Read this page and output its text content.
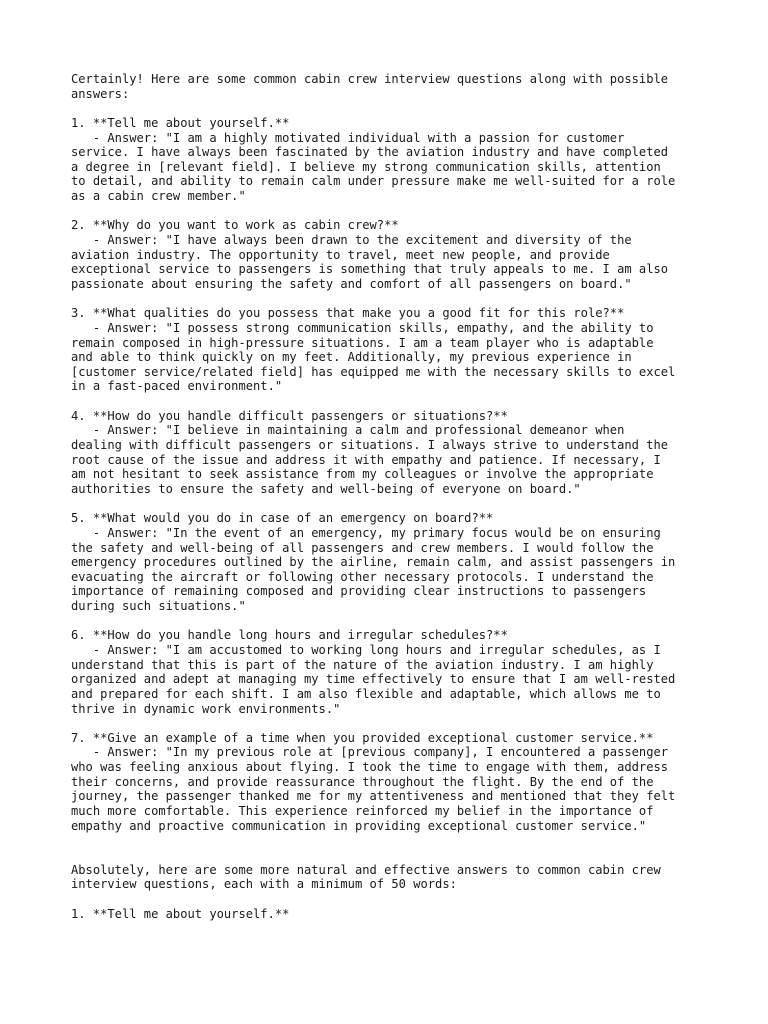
Certainly! Here are some common cabin crew interview questions along with possible
answers:
1. **Tell me about yourself.**
- Answer: "I am a highly motivated individual with a passion for customer
service. I have always been fascinated by the aviation industry and have completed
a degree in [relevant field]. I believe my strong communication skills, attention
to detail, and ability to remain calm under pressure make me well-suited for a role
as a cabin crew member."
2. **Why do you want to work as cabin crew?**
- Answer: "I have always been drawn to the excitement and diversity of the
aviation industry. The opportunity to travel, meet new people, and provide
exceptional service to passengers is something that truly appeals to me. I am also
passionate about ensuring the safety and comfort of all passengers on board."
3. **What qualities do you possess that make you a good fit for this role?**
- Answer: "I possess strong communication skills, empathy, and the ability to
remain composed in high-pressure situations. I am a team player who is adaptable
and able to think quickly on my feet. Additionally, my previous experience in
[customer service/related field] has equipped me with the necessary skills to excel
in a fast-paced environment."
4. **How do you handle difficult passengers or situations?**
- Answer: "I believe in maintaining a calm and professional demeanor when
dealing with difficult passengers or situations. I always strive to understand the
root cause of the issue and address it with empathy and patience. If necessary, I
am not hesitant to seek assistance from my colleagues or involve the appropriate
authorities to ensure the safety and well-being of everyone on board."
5. **What would you do in case of an emergency on board?**
- Answer: "In the event of an emergency, my primary focus would be on ensuring
the safety and well-being of all passengers and crew members. I would follow the
emergency procedures outlined by the airline, remain calm, and assist passengers in
evacuating the aircraft or following other necessary protocols. I understand the
importance of remaining composed and providing clear instructions to passengers
during such situations."
6. **How do you handle long hours and irregular schedules?**
- Answer: "I am accustomed to working long hours and irregular schedules, as I
understand that this is part of the nature of the aviation industry. I am highly
organized and adept at managing my time effectively to ensure that I am well-rested
and prepared for each shift. I am also flexible and adaptable, which allows me to
thrive in dynamic work environments."
7. **Give an example of a time when you provided exceptional customer service.**
- Answer: "In my previous role at [previous company], I encountered a passenger
who was feeling anxious about flying. I took the time to engage with them, address
their concerns, and provide reassurance throughout the flight. By the end of the
journey, the passenger thanked me for my attentiveness and mentioned that they felt
much more comfortable. This experience reinforced my belief in the importance of
empathy and proactive communication in providing exceptional customer service."
Absolutely, here are some more natural and effective answers to common cabin crew
interview questions, each with a minimum of 50 words:
1. **Tell me about yourself.**
